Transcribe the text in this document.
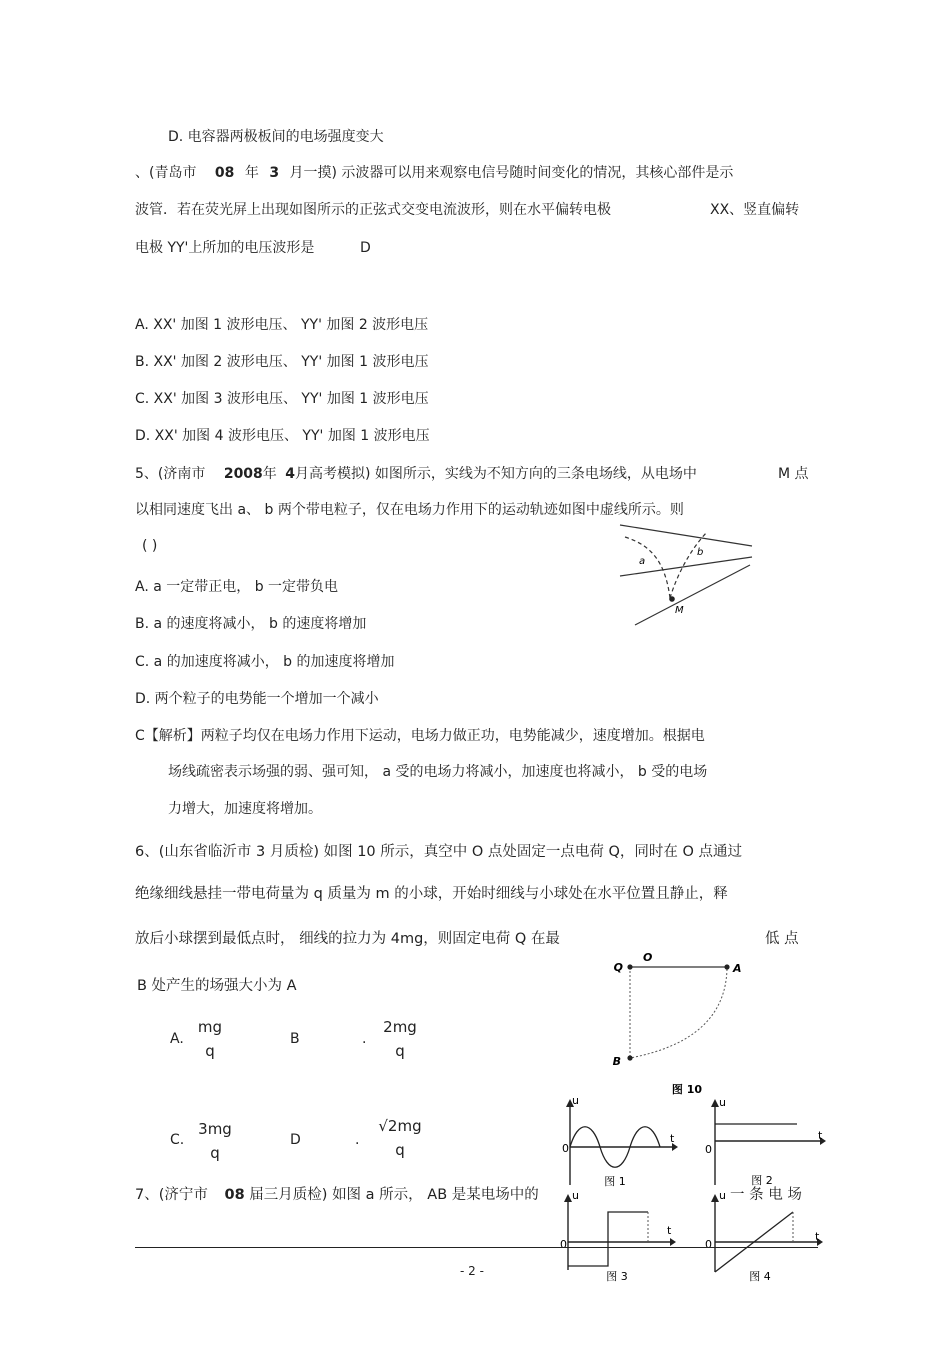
D. 电容器两极板间的电场强度变大
、(青岛市 08 年 3 月一摸) 示波器可以用来观察电信号随时间变化的情况，其核心部件是示
波管．若在荧光屏上出现如图所示的正弦式交变电流波形，则在水平偏转电极	XX、竖直偏转
电极 YY'上所加的电压波形是	D
A. XX' 加图 1 波形电压、 YY' 加图 2 波形电压
B. XX' 加图 2 波形电压、 YY' 加图 1 波形电压
C. XX' 加图 3 波形电压、 YY' 加图 1 波形电压
D. XX' 加图 4 波形电压、 YY' 加图 1 波形电压
5、(济南市 2008年 4月高考模拟) 如图所示，实线为不知方向的三条电场线，从电场中	M 点
以相同速度飞出 a、 b 两个带电粒子，仅在电场力作用下的运动轨迹如图中虚线所示。则
( )
A. a 一定带正电， b 一定带负电
B. a 的速度将减小， b 的速度将增加
C. a 的加速度将减小， b 的加速度将增加
D. 两个粒子的电势能一个增加一个减小
C【解析】两粒子均仅在电场力作用下运动，电场力做正功，电势能减少，速度增加。根据电
场线疏密表示场强的弱、强可知， a 受的电场力将减小，加速度也将减小， b 受的电场
力增大，加速度将增加。
a
b
M
6、(山东省临沂市 3 月质检) 如图 10 所示，真空中 O 点处固定一点电荷 Q，同时在 O 点通过
绝缘细线悬挂一带电荷量为 q 质量为 m 的小球，开始时细线与小球处在水平位置且静止，释
放后小球摆到最低点时， 细线的拉力为 4mg，则固定电荷 Q 在最	低 点
B 处产生的场强大小为 A
A.
mg
q
B	.
2mg
q
C.
3mg
q
D	.
√2mg
q
Q
O
A
B
图 10
7、(济宁市 08 届三月质检) 如图 a 所示， AB 是某电场中的	一 条 电 场
u
t
0
图 1
u
t
0
图 2
u
t
0
图 3
u
t
0
图 4
- 2 -
